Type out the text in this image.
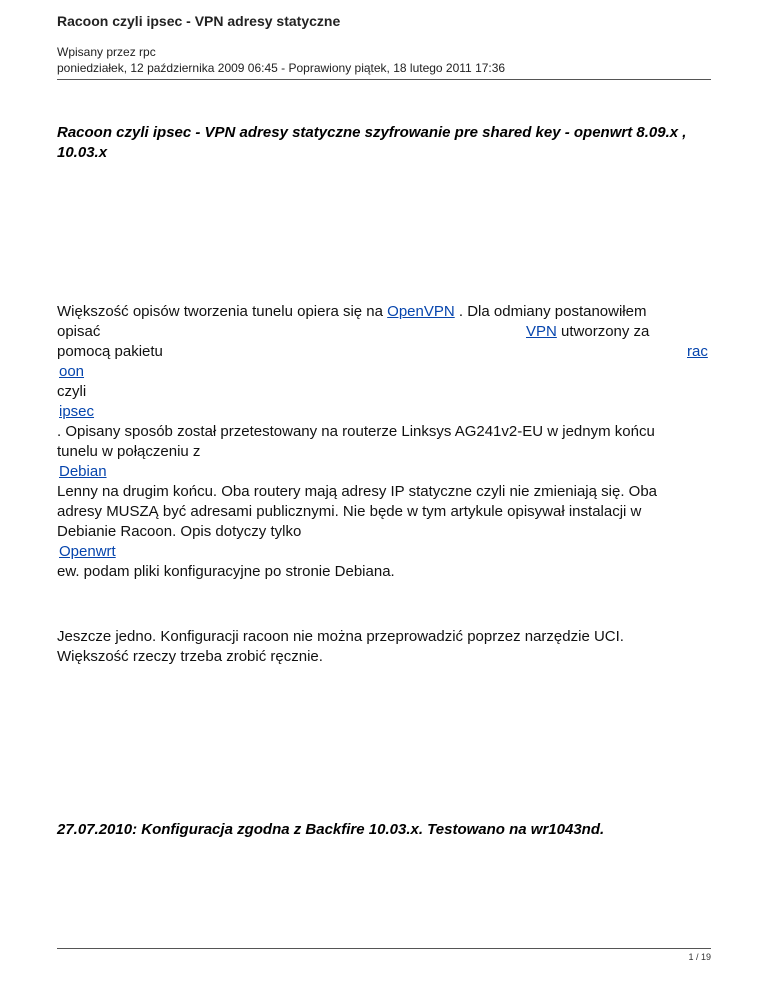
Racoon czyli ipsec - VPN adresy statyczne
Wpisany przez rpc
poniedziałek, 12 października 2009 06:45 - Poprawiony piątek, 18 lutego 2011 17:36
Racoon czyli ipsec - VPN adresy statyczne szyfrowanie pre shared key - openwrt 8.09.x , 10.03.x
Większość opisów tworzenia tunelu opiera się na OpenVPN . Dla odmiany postanowiłem
opisać	VPN utworzony za
pomocą pakietu	rac
oon
czyli
ipsec
. Opisany sposób został przetestowany na routerze Linksys AG241v2-EU w jednym końcu
tunelu w połączeniu z
Debian
Lenny na drugim końcu. Oba routery mają adresy IP statyczne czyli nie zmieniają się. Oba
adresy MUSZĄ być adresami publicznymi. Nie będe w tym artykule opisywał instalacji w
Debianie Racoon. Opis dotyczy tylko
Openwrt
ew. podam pliki konfiguracyjne po stronie Debiana.
Jeszcze jedno. Konfiguracji racoon nie można przeprowadzić poprzez narzędzie UCI.
Większość rzeczy trzeba zrobić ręcznie.
27.07.2010: Konfiguracja zgodna z Backfire 10.03.x. Testowano na wr1043nd.
1 / 19
